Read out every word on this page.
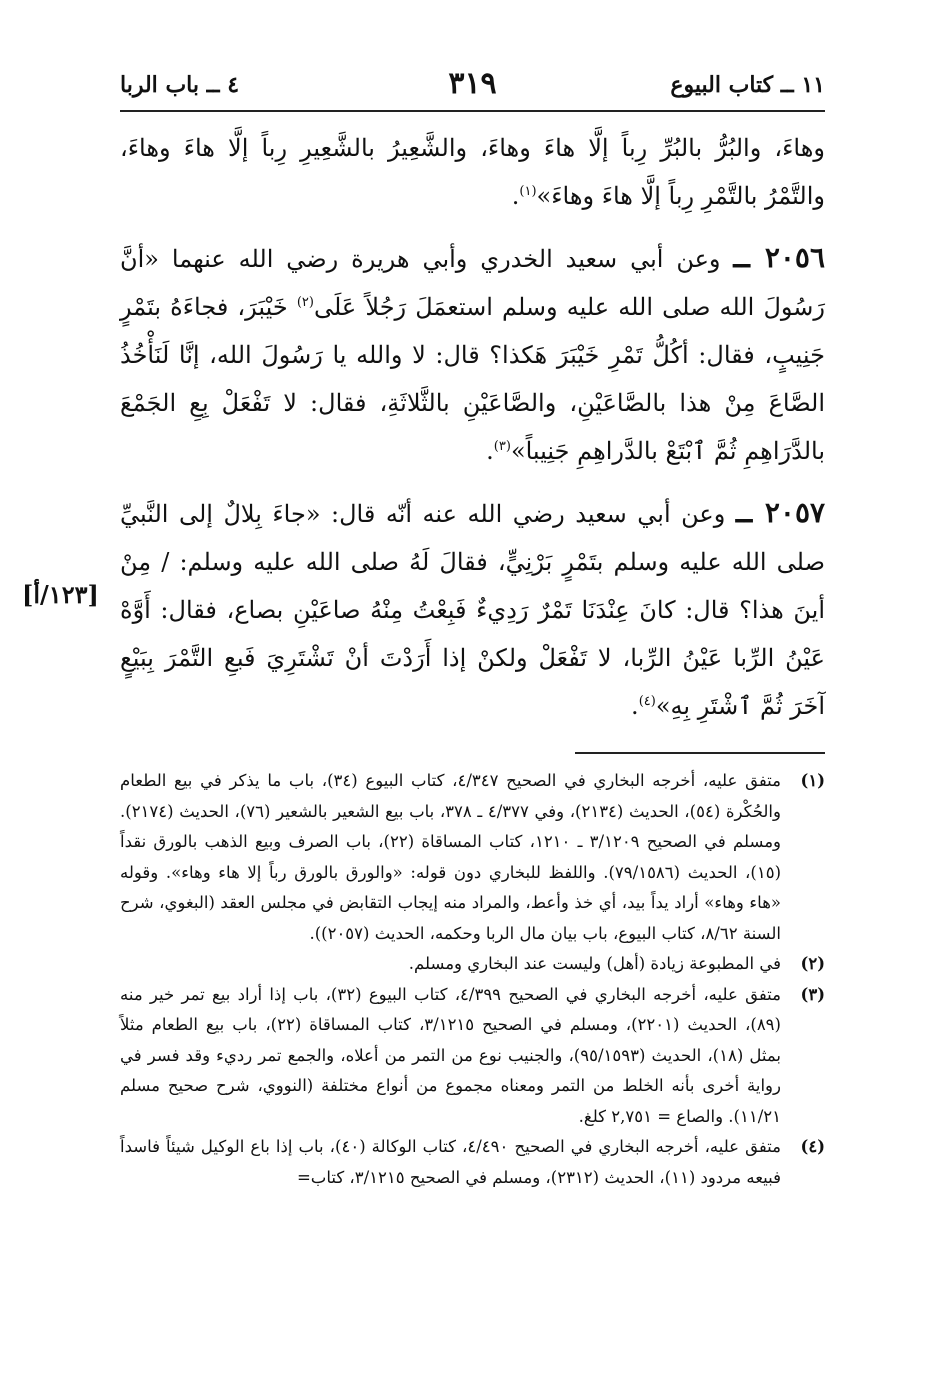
١١ ــ كتاب البيوع
٣١٩
٤ ــ باب الربا

وهاءَ، والبُرُّ بالبُرِّ رِباً إلَّا هاءَ وهاءَ، والشَّعِيرُ بالشَّعِيرِ رِباً إلَّا هاءَ وهاءَ، والتَّمْرُ بالتَّمْرِ رِباً إلَّا هاءَ وهاءَ»$^{(١)}$.

٢٠٥٦ ــ وعن أبي سعيد الخدري وأبي هريرة رضي الله عنهما «أنَّ رَسُولَ الله صلى الله عليه وسلم استعمَلَ رَجُلاً عَلَى$^{(٢)}$ خَيْبَرَ، فجاءَهُ بتَمْرٍ جَنِيبٍ، فقال: أكُلُّ تَمْرِ خَيْبَرَ هَكذا؟ قال: لا والله يا رَسُولَ الله، إنَّا لَنَأْخُذُ الصَّاعَ مِنْ هذا بالصَّاعَيْنِ، والصَّاعَيْنِ بالثَّلاثَةِ، فقال: لا تَفْعَلْ بِعِ الجَمْعَ بالدَّرَاهِمِ ثُمَّ ٱبْتَعْ بالدَّراهِمِ جَنِيباً»$^{(٣)}$.

٢٠٥٧ ــ وعن أبي سعيد رضي الله عنه أنّه قال: «جاءَ بِلالٌ إلى النَّبيِّ صلى الله عليه وسلم بتَمْرٍ بَرْنِيٍّ، فقالَ لَهُ صلى الله عليه وسلم: / مِنْ أينَ هذا؟ قال: كانَ عِنْدَنَا تَمْرٌ رَدِيءٌ فَبِعْتُ مِنْهُ صاعَيْنِ بصاع، فقال: أَوَّهْ عَيْنُ الرِّبا عَيْنُ الرِّبا، لا تَفْعَلْ ولكنْ إذا أَرَدْتَ أنْ تَشْتَرِيَ فَبعِ التَّمْرَ بِبَيْعٍ آخَرَ ثُمَّ ٱشْتَرِ بِهِ»$^{(٤)}$.

[١٢٣/أ]

(١)
متفق عليه، أخرجه البخاري في الصحيح ٤/٣٤٧، كتاب البيوع (٣٤)، باب ما يذكر في بيع الطعام والحُكْرة (٥٤)، الحديث (٢١٣٤)، وفي ٤/٣٧٧ ـ ٣٧٨، باب بيع الشعير بالشعير (٧٦)، الحديث (٢١٧٤). ومسلم في الصحيح ٣/١٢٠٩ ـ ١٢١٠، كتاب المساقاة (٢٢)، باب الصرف وبيع الذهب بالورق نقداً (١٥)، الحديث (٧٩/١٥٨٦). واللفظ للبخاري دون قوله: «والورق بالورق رباً إلا هاء وهاء». وقوله «هاء وهاء» أراد يداً بيد، أي خذ وأعط، والمراد منه إيجاب التقابض في مجلس العقد (البغوي، شرح السنة ٨/٦٢، كتاب البيوع، باب بيان مال الربا وحكمه، الحديث (٢٠٥٧)).

(٢)
في المطبوعة زيادة (أهل) وليست عند البخاري ومسلم.

(٣)
متفق عليه، أخرجه البخاري في الصحيح ٤/٣٩٩، كتاب البيوع (٣٢)، باب إذا أراد بيع تمر خير منه (٨٩)، الحديث (٢٢٠١)، ومسلم في الصحيح ٣/١٢١٥، كتاب المساقاة (٢٢)، باب بيع الطعام مثلاً بمثل (١٨)، الحديث (٩٥/١٥٩٣)، والجنيب نوع من التمر من أعلاه، والجمع تمر رديء وقد فسر في رواية أخرى بأنه الخلط من التمر ومعناه مجموع من أنواع مختلفة (النووي، شرح صحيح مسلم ١١/٢١). والصاع = ٢,٧٥١ كلغ.

(٤)
متفق عليه، أخرجه البخاري في الصحيح ٤/٤٩٠، كتاب الوكالة (٤٠)، باب إذا باع الوكيل شيئاً فاسداً فبيعه مردود (١١)، الحديث (٢٣١٢)، ومسلم في الصحيح ٣/١٢١٥، كتاب=
